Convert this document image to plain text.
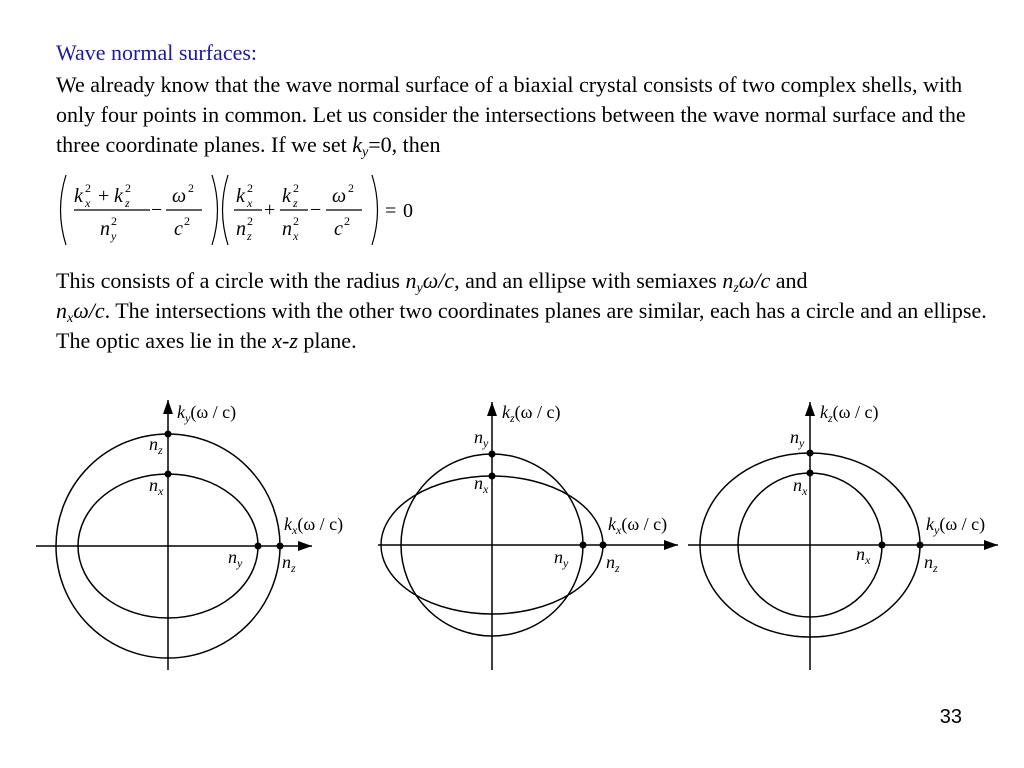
Wave normal surfaces:

We already know that the wave normal surface of a biaxial crystal consists of two complex shells, with only four points in common. Let us consider the intersections between the wave normal surface and the three coordinate planes. If we set $k_y=0$, then

k x
2 + k z
2
n y
2 −
ω 2
c 2
k x
2
n z
2 +
k z
2
n x
2 −
ω 2
c 2 = 0

This consists of a circle with the radius $n_y\omega/c$, and an ellipse with semiaxes $n_z\omega/c$ and
$n_x\omega/c$. The intersections with the other two coordinates planes are similar, each has a circle and an ellipse. The optic axes lie in the x-z plane.

$k_y(\omega / c)$
$k_x(\omega / c)$
$n_z$
$n_x$
$n_y$ $n_z$
$k_z(\omega / c)$
$k_x(\omega / c)$
$n_y$
$n_x$
$n_y$ $n_z$
$k_z(\omega / c)$
$k_y(\omega / c)$
$n_y$
$n_x$
$n_x$	$n_z$
33
